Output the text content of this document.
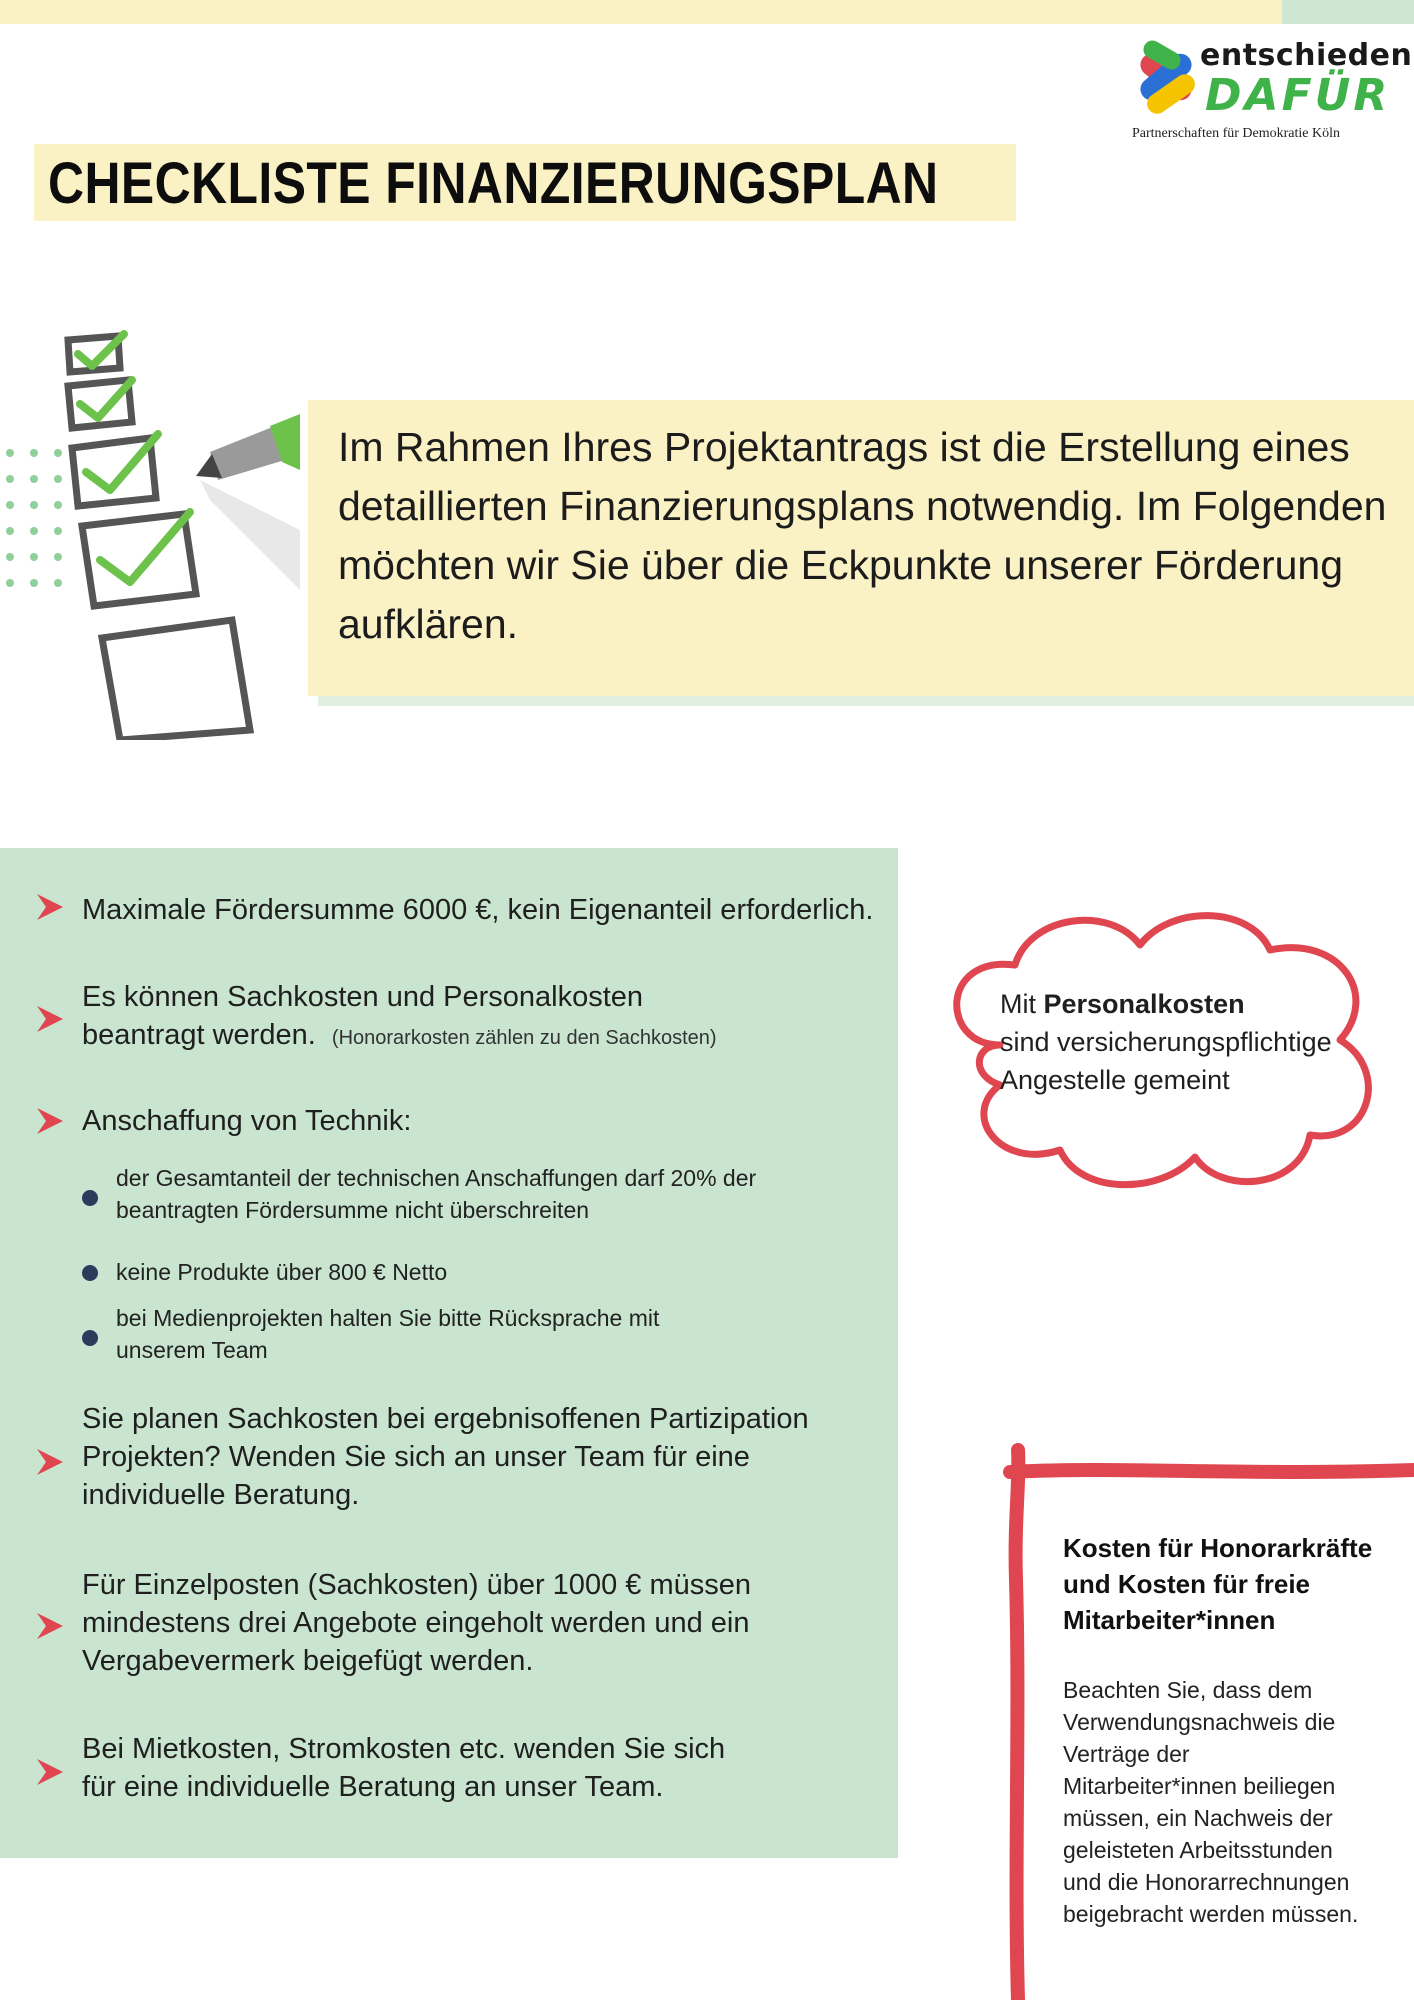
entschieden
DAFÜR
Partnerschaften für Demokratie Köln
CHECKLISTE FINANZIERUNGSPLAN
Im Rahmen Ihres Projektantrags ist die Erstellung eines
detaillierten Finanzierungsplans notwendig. Im Folgenden
möchten wir Sie über die Eckpunkte unserer Förderung
aufklären.
Maximale Fördersumme 6000 €, kein Eigenanteil erforderlich.
Es können Sachkosten und Personalkosten
beantragt werden. (Honorarkosten zählen zu den Sachkosten)
Anschaffung von Technik:
der Gesamtanteil der technischen Anschaffungen darf 20% der
beantragten Fördersumme nicht überschreiten
keine Produkte über 800 € Netto
bei Medienprojekten halten Sie bitte Rücksprache mit
unserem Team
Sie planen Sachkosten bei ergebnisoffenen Partizipation
Projekten? Wenden Sie sich an unser Team für eine
individuelle Beratung.
Für Einzelposten (Sachkosten) über 1000 € müssen
mindestens drei Angebote eingeholt werden und ein
Vergabevermerk beigefügt werden.
Bei Mietkosten, Stromkosten etc. wenden Sie sich
für eine individuelle Beratung an unser Team.
Mit Personalkosten
sind versicherungspflichtige
Angestelle gemeint
Kosten für Honorarkräfte
und Kosten für freie
Mitarbeiter*innen
Beachten Sie, dass dem
Verwendungsnachweis die
Verträge der
Mitarbeiter*innen beiliegen
müssen, ein Nachweis der
geleisteten Arbeitsstunden
und die Honorarrechnungen
beigebracht werden müssen.
